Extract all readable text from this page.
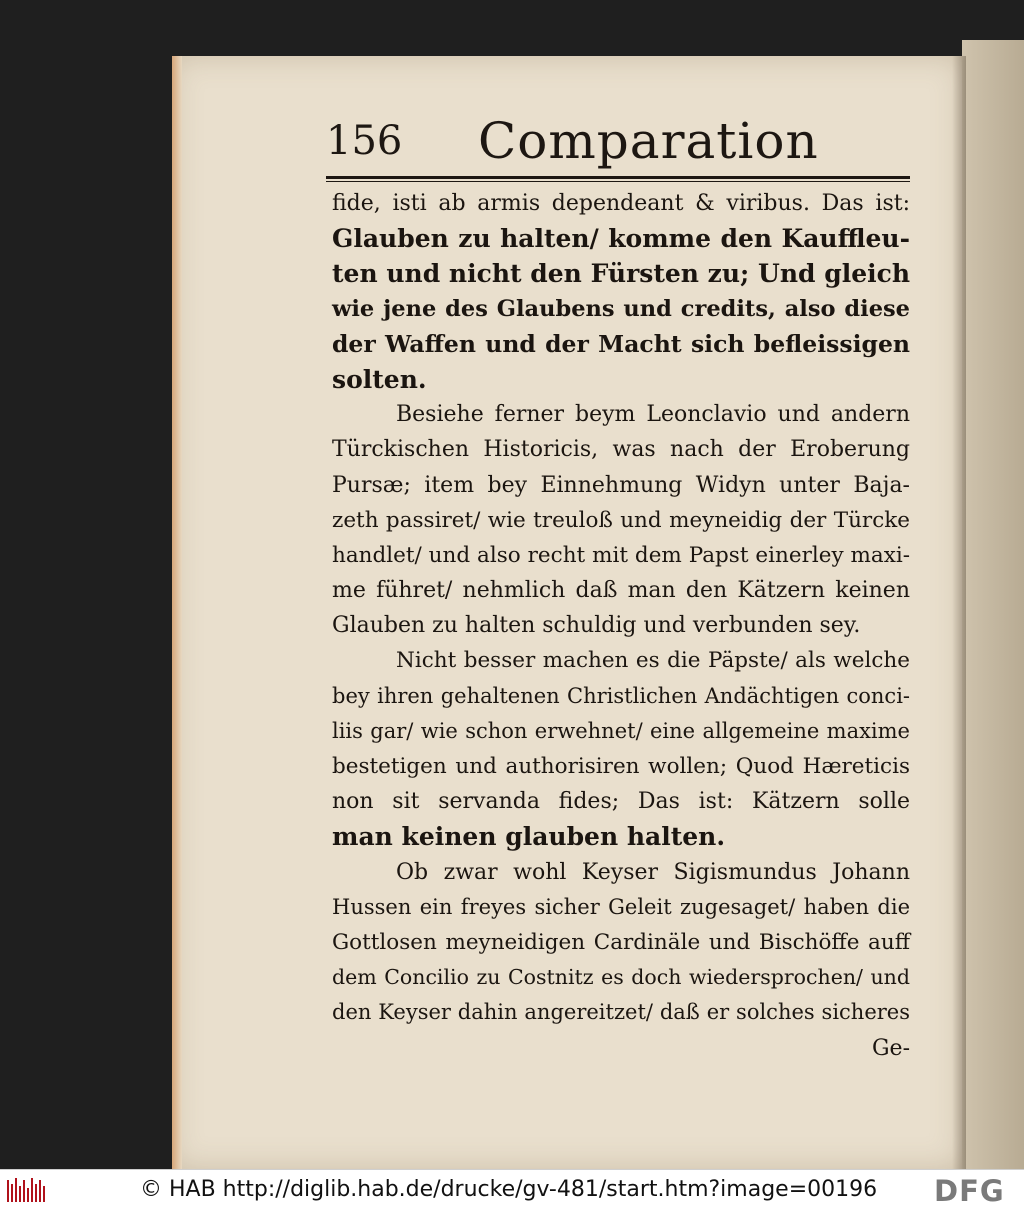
156 Comparation
fide, isti ab armis dependeant & viribus. Das ist:
Glauben zu halten/ komme den Kauffleu-
ten und nicht den Fürsten zu; Und gleich
wie jene des Glaubens und credits, also diese
der Waffen und der Macht sich befleissigen
solten.
Besiehe ferner beym Leonclavio und andern
Türckischen Historicis, was nach der Eroberung
Pursæ; item bey Einnehmung Widyn unter Baja-
zeth passiret/ wie treuloß und meyneidig der Türcke
handlet/ und also recht mit dem Papst einerley maxi-
me führet/ nehmlich daß man den Kätzern keinen
Glauben zu halten schuldig und verbunden sey.
Nicht besser machen es die Päpste/ als welche
bey ihren gehaltenen Christlichen Andächtigen conci-
liis gar/ wie schon erwehnet/ eine allgemeine maxime
bestetigen und authorisiren wollen; Quod Hæreticis
non sit servanda fides; Das ist: Kätzern solle
man keinen glauben halten.
Ob zwar wohl Keyser Sigismundus Johann
Hussen ein freyes sicher Geleit zugesaget/ haben die
Gottlosen meyneidigen Cardinäle und Bischöffe auff
dem Concilio zu Costnitz es doch wiedersprochen/ und
den Keyser dahin angereitzet/ daß er solches sicheres
Ge-
© HAB http://diglib.hab.de/drucke/gv-481/start.htm?image=00196 DFG
